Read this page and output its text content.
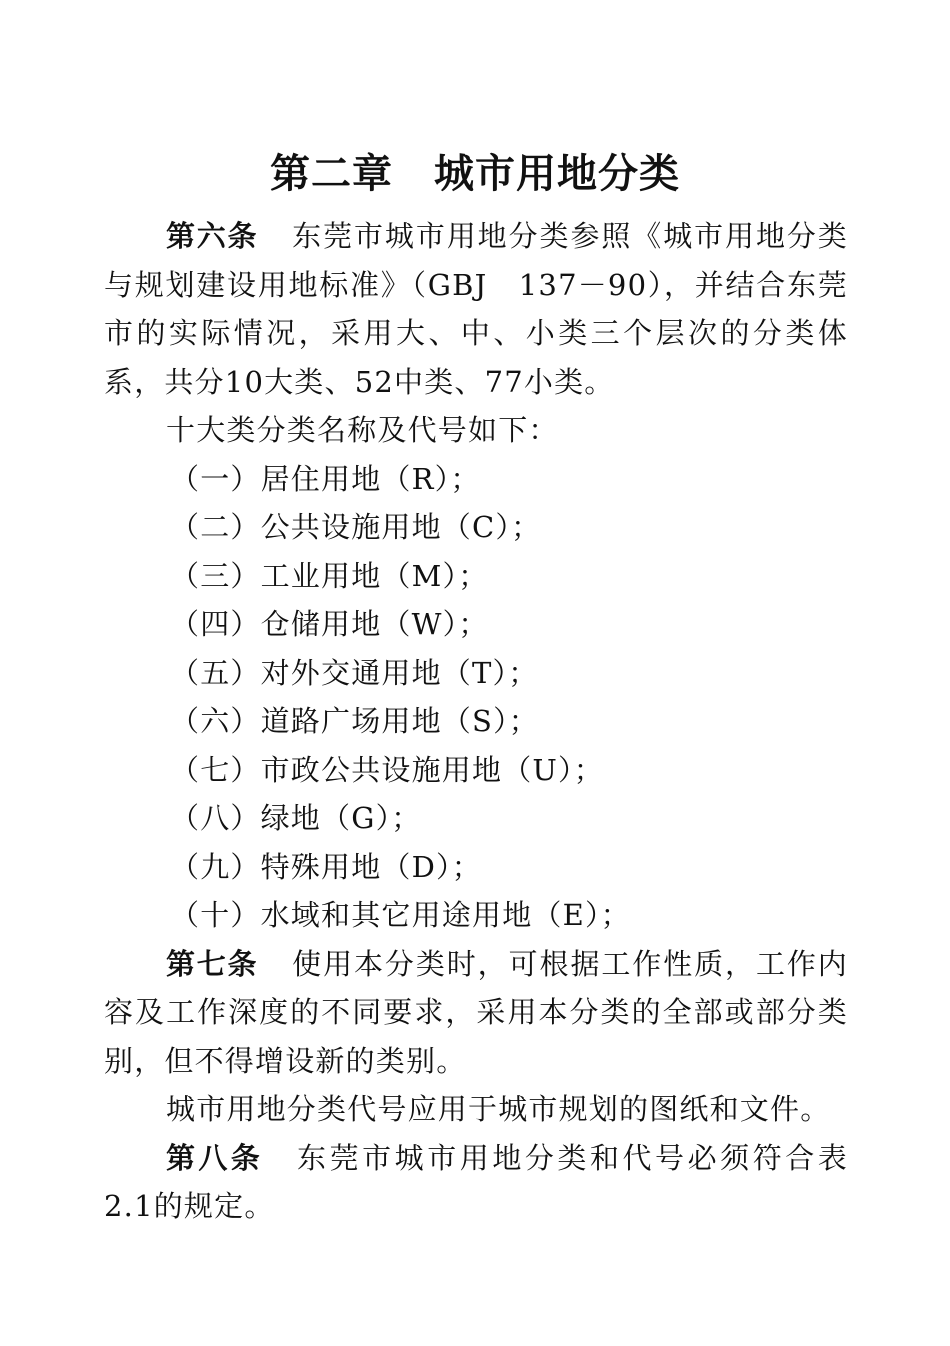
第二章　城市用地分类

第六条 东莞市城市用地分类参照《城市用地分类与规划建设用地标准》（GBJ　137－90），并结合东莞市的实际情况，采用大、中、小类三个层次的分类体系，共分10大类、52中类、77小类。

十大类分类名称及代号如下：

（一）居住用地（R）；
（二）公共设施用地（C）；
（三）工业用地（M）；
（四）仓储用地（W）；
（五）对外交通用地（T）；
（六）道路广场用地（S）；
（七）市政公共设施用地（U）；
（八）绿地（G）；
（九）特殊用地（D）；
（十）水域和其它用途用地（E）；

第七条 使用本分类时，可根据工作性质，工作内容及工作深度的不同要求，采用本分类的全部或部分类别，但不得增设新的类别。

城市用地分类代号应用于城市规划的图纸和文件。

第八条 东莞市城市用地分类和代号必须符合表2.1的规定。
